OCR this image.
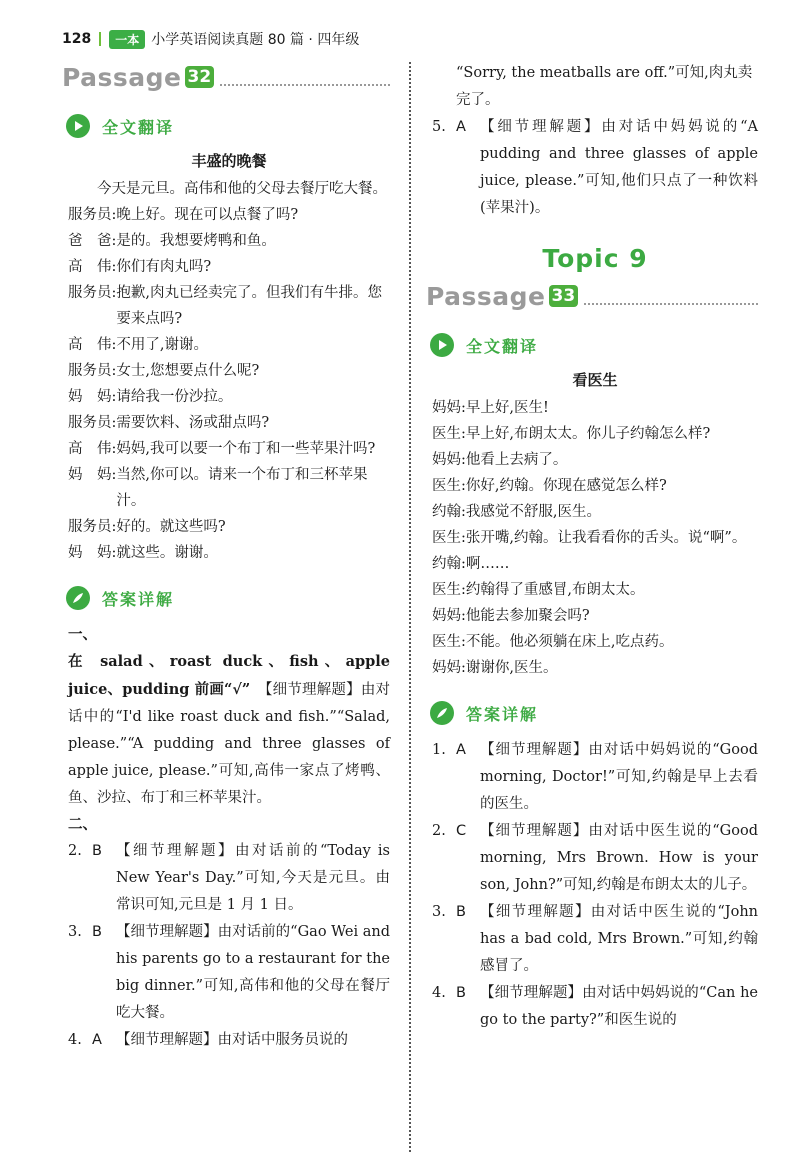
128	一本 小学英语阅读真题 80 篇 · 四年级
Passage 32
全文翻译
丰盛的晚餐

今天是元旦。高伟和他的父母去餐厅吃大餐。

服务员: 晚上好。现在可以点餐了吗?
爸　爸: 是的。我想要烤鸭和鱼。
高　伟: 你们有肉丸吗?
服务员: 抱歉,肉丸已经卖完了。但我们有牛排。您要来点吗?
高　伟: 不用了,谢谢。
服务员: 女士,您想要点什么呢?
妈　妈: 请给我一份沙拉。
服务员: 需要饮料、汤或甜点吗?
高　伟: 妈妈,我可以要一个布丁和一些苹果汁吗?
妈　妈: 当然,你可以。请来一个布丁和三杯苹果汁。
服务员: 好的。就这些吗?
妈　妈: 就这些。谢谢。
答案详解
一、
在 salad、roast duck、fish、apple juice、pudding 前画“√”　 【细节理解题】由对话中的“I'd like roast duck and fish.”“Salad, please.”“A pudding and three glasses of apple juice, please.”可知,高伟一家点了烤鸭、鱼、沙拉、布丁和三杯苹果汁。
二、
2. B 【细节理解题】由对话前的“Today is New Year's Day.”可知,今天是元旦。由常识可知,元旦是 1 月 1 日。
3. B 【细节理解题】由对话前的“Gao Wei and his parents go to a restaurant for the big dinner.”可知,高伟和他的父母在餐厅吃大餐。
4. A 【细节理解题】由对话中服务员说的
“Sorry, the meatballs are off.”可知,肉丸卖完了。
5. A 【细节理解题】由对话中妈妈说的“A pudding and three glasses of apple juice, please.”可知,他们只点了一种饮料(苹果汁)。
Topic 9
Passage 33
全文翻译
看医生
妈妈: 早上好,医生!
医生: 早上好,布朗太太。你儿子约翰怎么样?
妈妈: 他看上去病了。
医生: 你好,约翰。你现在感觉怎么样?
约翰: 我感觉不舒服,医生。
医生: 张开嘴,约翰。让我看看你的舌头。说“啊”。
约翰: 啊……
医生: 约翰得了重感冒,布朗太太。
妈妈: 他能去参加聚会吗?
医生: 不能。他必须躺在床上,吃点药。
妈妈: 谢谢你,医生。
答案详解
1. A 【细节理解题】由对话中妈妈说的“Good morning, Doctor!”可知,约翰是早上去看的医生。
2. C 【细节理解题】由对话中医生说的“Good morning, Mrs Brown. How is your son, John?”可知,约翰是布朗太太的儿子。
3. B 【细节理解题】由对话中医生说的“John has a bad cold, Mrs Brown.”可知,约翰感冒了。
4. B 【细节理解题】由对话中妈妈说的“Can he go to the party?”和医生说的
